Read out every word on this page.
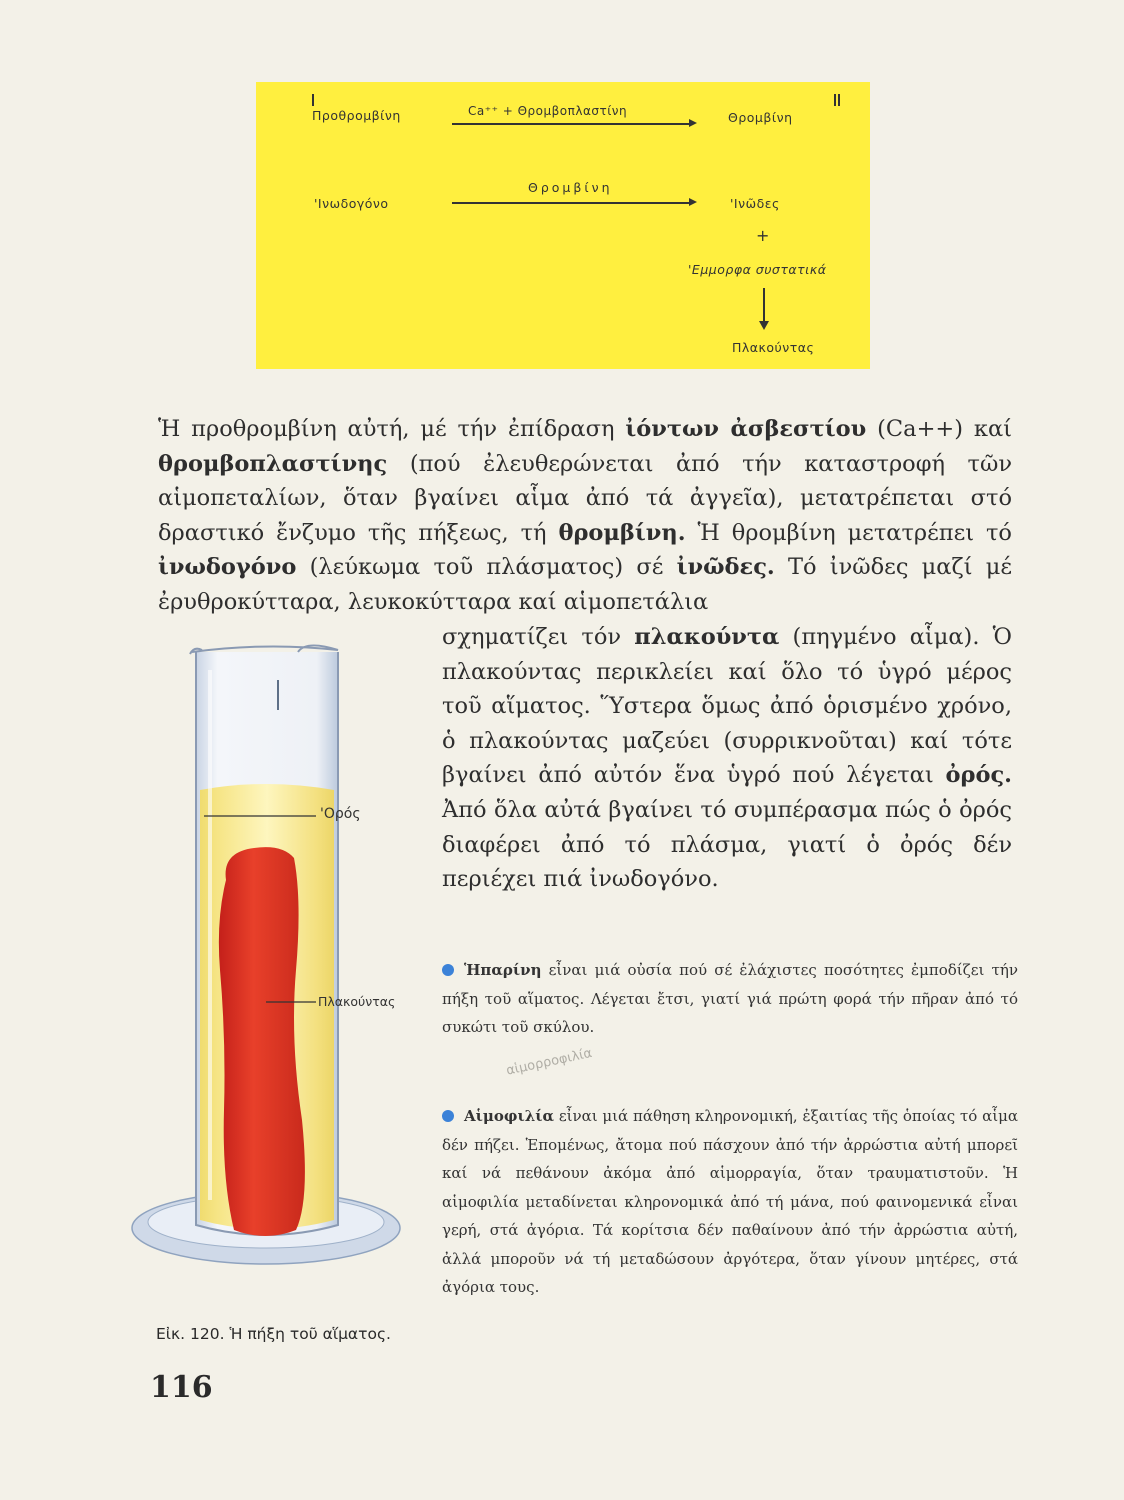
Προθρομβίνη	Ca⁺⁺ + Θρομβοπλαστίνη	Θρομβίνη
'Ινωδογόνο
Θρομβίνη
'Ινῶδες
+
'Εμμορφα συστατικά
Πλακούντας
Ἡ προθρομβίνη αὐτή, μέ τήν ἐπίδραση ἰόντων ἀσβεστίου (Ca++) καί θρομβοπλαστίνης (πού ἐλευθερώνεται ἀπό τήν καταστροφή τῶν αἱμοπεταλίων, ὅταν βγαίνει αἷμα ἀπό τά ἀγγεῖα), μετατρέπεται στό δραστικό ἔνζυμο τῆς πήξεως, τή θρομβίνη. Ἡ θρομβίνη μετατρέπει τό ἰνωδογόνο (λεύκωμα τοῦ πλάσματος) σέ ἰνῶδες. Τό ἰνῶδες μαζί μέ ἐρυθροκύτταρα, λευκοκύτταρα καί αἱμοπετάλια
σχηματίζει τόν πλακούντα (πηγμένο αἷμα). Ὁ πλακούντας περικλείει καί ὅλο τό ὑγρό μέρος τοῦ αἵματος. Ὕστερα ὅμως ἀπό ὁρισμένο χρόνο, ὁ πλακούντας μαζεύει (συρρικνοῦται) καί τότε βγαίνει ἀπό αὐτόν ἕνα ὑγρό πού λέγεται ὀρός. Ἀπό ὅλα αὐτά βγαίνει τό συμπέρασμα πώς ὁ ὀρός διαφέρει ἀπό τό πλάσμα, γιατί ὁ ὀρός δέν περιέχει πιά ἰνωδογόνο.
Ἡπαρίνη εἶναι μιά οὐσία πού σέ ἐλάχιστες ποσότητες ἐμποδίζει τήν πήξη τοῦ αἵματος. Λέγεται ἔτσι, γιατί γιά πρώτη φορά τήν πῆραν ἀπό τό συκώτι τοῦ σκύλου.
αἱμορροφιλία
Αἱμοφιλία εἶναι μιά πάθηση κληρονομική, ἐξαιτίας τῆς ὁποίας τό αἷμα δέν πήζει. Ἑπομένως, ἄτομα πού πάσχουν ἀπό τήν ἀρρώστια αὐτή μπορεῖ καί νά πεθάνουν ἀκόμα ἀπό αἱμορραγία, ὅταν τραυματιστοῦν. Ἡ αἱμοφιλία μεταδίνεται κληρονομικά ἀπό τή μάνα, πού φαινομενικά εἶναι γερή, στά ἀγόρια. Τά κορίτσια δέν παθαίνουν ἀπό τήν ἀρρώστια αὐτή, ἀλλά μποροῦν νά τή μεταδώσουν ἀργότερα, ὅταν γίνουν μητέρες, στά ἀγόρια τους.
'Ορός
Πλακούντας
Εἰκ. 120. Ἡ πήξη τοῦ αἵματος.
116
